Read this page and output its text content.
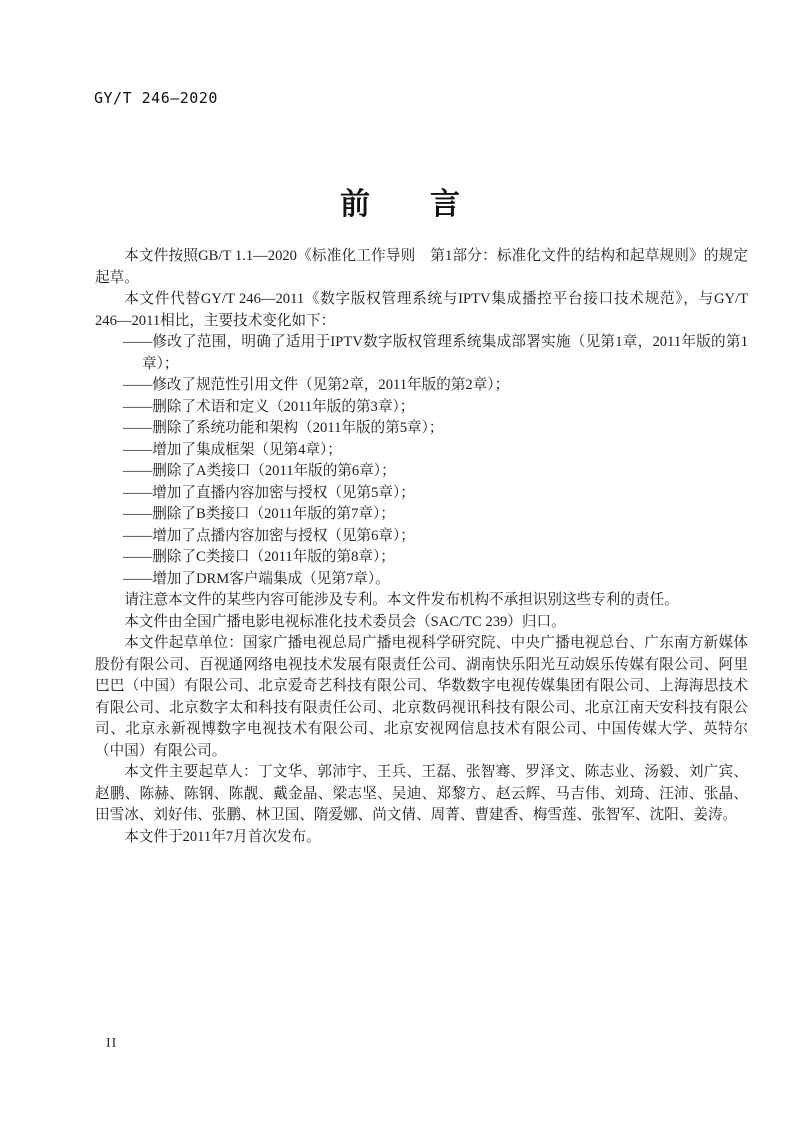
GY/T 246—2020
前　　言

本文件按照GB/T 1.1—2020《标准化工作导则　第1部分：标准化文件的结构和起草规则》的规定起草。

本文件代替GY/T 246—2011《数字版权管理系统与IPTV集成播控平台接口技术规范》，与GY/T 246—2011相比，主要技术变化如下：

——修改了范围，明确了适用于IPTV数字版权管理系统集成部署实施（见第1章，2011年版的第1章）；

——修改了规范性引用文件（见第2章，2011年版的第2章）；

——删除了术语和定义（2011年版的第3章）；

——删除了系统功能和架构（2011年版的第5章）；

——增加了集成框架（见第4章）；

——删除了A类接口（2011年版的第6章）；

——增加了直播内容加密与授权（见第5章）；

——删除了B类接口（2011年版的第7章）；

——增加了点播内容加密与授权（见第6章）；

——删除了C类接口（2011年版的第8章）；

——增加了DRM客户端集成（见第7章）。

请注意本文件的某些内容可能涉及专利。本文件发布机构不承担识别这些专利的责任。

本文件由全国广播电影电视标准化技术委员会（SAC/TC 239）归口。

本文件起草单位：国家广播电视总局广播电视科学研究院、中央广播电视总台、广东南方新媒体股份有限公司、百视通网络电视技术发展有限责任公司、湖南快乐阳光互动娱乐传媒有限公司、阿里巴巴（中国）有限公司、北京爱奇艺科技有限公司、华数数字电视传媒集团有限公司、上海海思技术有限公司、北京数字太和科技有限责任公司、北京数码视讯科技有限公司、北京江南天安科技有限公司、北京永新视博数字电视技术有限公司、北京安视网信息技术有限公司、中国传媒大学、英特尔（中国）有限公司。

本文件主要起草人：丁文华、郭沛宇、王兵、王磊、张智骞、罗泽文、陈志业、汤毅、刘广宾、赵鹏、陈赫、陈钢、陈靓、戴金晶、梁志坚、吴迪、郑黎方、赵云辉、马吉伟、刘琦、汪沛、张晶、田雪冰、刘好伟、张鹏、林卫国、隋爱娜、尚文倩、周菁、曹建香、梅雪莲、张智军、沈阳、姜涛。

本文件于2011年7月首次发布。

II
